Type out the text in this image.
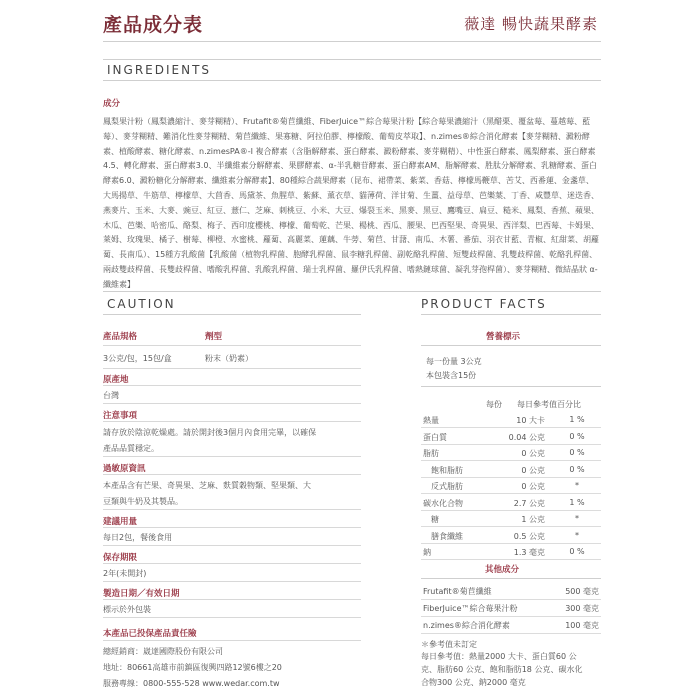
產品成分表	薇達 暢快蔬果酵素
INGREDIENTS
成分
鳳梨果汁粉（鳳梨濃縮汁、麥芽糊精）、Frutafit®菊苣纖維、FiberJuice™綜合莓果汁粉【綜合莓果濃縮汁（黑醋栗、覆盆莓、蔓越莓、藍莓）、麥芽糊精、難消化性麥芽糊精、菊苣纖維、果寡糖、阿拉伯膠、檸檬酸、葡萄皮萃取】、n.zimes®綜合消化酵素【麥芽糊精、澱粉酵素、植酸酵素、糖化酵素、n.zimesPA®-I 複合酵素（含脂解酵素、蛋白酵素、澱粉酵素、麥芽糊精）、中性蛋白酵素、鳳梨酵素、蛋白酵素4.5、轉化酵素、蛋白酵素3.0、半纖維素分解酵素、果膠酵素、α-半乳糖苷酵素、蛋白酵素AM、脂解酵素、胜肽分解酵素、乳糖酵素、蛋白酵素6.0、澱粉糖化分解酵素、纖維素分解酵素】、80種綜合蔬果酵素（昆布、裙帶菜、紫菜、香菇、檸檬馬鞭草、苦艾、西番蓮、金盞草、大馬揚草、牛筋草、檸檬草、大茴香、馬黛茶、魚腥草、紫蘇、薰衣草、貓薄荷、洋甘菊、生薑、益母草、芭樂葉、丁香、咸豐草、迷迭香、燕麥片、玉米、大麥、豌豆、紅豆、薏仁、芝麻、刺桃豆、小米、大豆、爆裂玉米、黑麥、黑豆、鷹嘴豆、扁豆、糙米、鳳梨、香蕉、蘋果、木瓜、芭樂、哈密瓜、酪梨、梅子、西印度櫻桃、檸檬、葡萄乾、芒果、楊桃、西瓜、腰果、巴西堅果、奇異果、西洋梨、巴西莓、卡姆果、萊姆、玫瑰果、橘子、樹莓、柳橙、水蜜桃、蘿蔔、高麗菜、蓮藕、牛蒡、菊苣、甘藷、南瓜、木薯、番茄、羽衣甘藍、青椒、紅甜菜、胡蘿蔔、長南瓜）、15種方乳酸菌【乳酸菌（植物乳桿菌、胞酵乳桿菌、鼠李糖乳桿菌、副乾酪乳桿菌、短雙歧桿菌、乳雙歧桿菌、乾酪乳桿菌、兩歧雙歧桿菌、長雙歧桿菌、嗜酸乳桿菌、乳酸乳桿菌、瑞士乳桿菌、羅伊氏乳桿菌、嗜熱鏈球菌、凝乳芽孢桿菌）、麥芽糊精、微結晶狀 α-纖維素】
CAUTION
產品規格	劑型
3公克/包，15包/盒	粉末（奶素）
原產地
台灣
注意事項
請存放於陰涼乾燥處。請於開封後3個月內食用完畢，以確保
產品品質穩定。
過敏原資訊
本產品含有芒果、奇異果、芝麻、麩質穀物類、堅果類、大
豆類與牛奶及其製品。
建議用量
每日2包，餐後食用
保存期限
2年(未開封)
製造日期／有效日期
標示於外包裝
本產品已投保產品責任險
總經銷商：崴達國際股份有限公司
地址：80661高雄市前鎮區復興四路12號6樓之20
服務專線：0800-555-528 www.wedar.com.tw
PRODUCT FACTS
營養標示
每一份量 3公克
本包裝含15份
每份 每日參考值百分比
熱量	10 大卡	1 %
蛋白質	0.04 公克	0 %
脂肪	0 公克	0 %
　飽和脂肪	0 公克	0 %
　反式脂肪	0 公克	*
碳水化合物	2.7 公克	1 %
　糖	1 公克	*
　膳食纖維	0.5 公克	*
鈉	1.3 毫克	0 %
其他成分
Frutafit®菊苣纖維	500 毫克
FiberJuice™綜合莓果汁粉	300 毫克
n.zimes®綜合消化酵素	100 毫克
＊參考值未訂定
每日參考值：熱量2000 大卡、蛋白質60 公
克、脂肪60 公克、飽和脂肪18 公克、碳水化
合物300 公克、鈉2000 毫克
